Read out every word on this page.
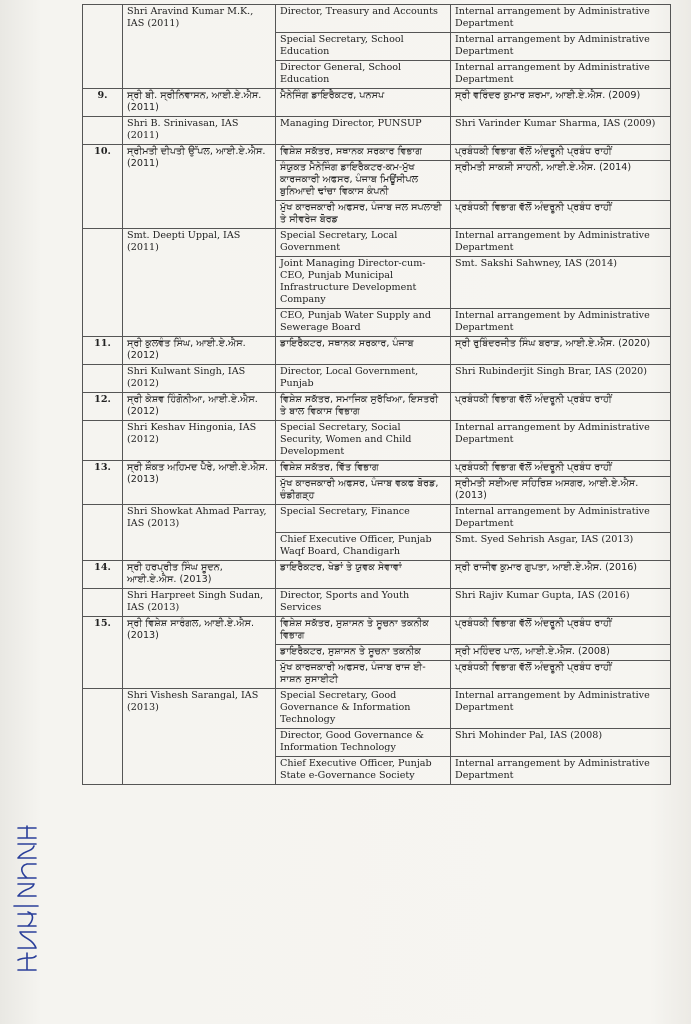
	Shri Aravind Kumar M.K., IAS (2011)	Director, Treasury and Accounts	Internal arrangement by Administrative Department
		Special Secretary, School Education	Internal arrangement by Administrative Department
		Director General, School Education	Internal arrangement by Administrative Department
9.	ਸ੍ਰੀ ਬੀ. ਸ੍ਰੀਨਿਵਾਸਨ, ਆਈ.ਏ.ਐਸ. (2011)	ਮੈਨੇਜਿੰਗ ਡਾਇਰੈਕਟਰ, ਪਨਸਪ	ਸ੍ਰੀ ਵਰਿੰਦਰ ਕੁਮਾਰ ਸ਼ਰਮਾ, ਆਈ.ਏ.ਐਸ. (2009)
	Shri B. Srinivasan, IAS (2011)	Managing Director, PUNSUP	Shri Varinder Kumar Sharma, IAS (2009)
10.	ਸ੍ਰੀਮਤੀ ਦੀਪਤੀ ਉੱਪਲ, ਆਈ.ਏ.ਐਸ. (2011)	ਵਿਸ਼ੇਸ਼ ਸਕੱਤਰ, ਸਥਾਨਕ ਸਰਕਾਰ ਵਿਭਾਗ	ਪ੍ਰਬੰਧਕੀ ਵਿਭਾਗ ਵੱਲੋਂ ਅੰਦਰੂਨੀ ਪ੍ਰਬੰਧ ਰਾਹੀਂ
		ਸੰਯੁਕਤ ਮੈਨੇਜਿੰਗ ਡਾਇਰੈਕਟਰ-ਕਮ-ਮੁੱਖ ਕਾਰਜਕਾਰੀ ਅਫਸਰ, ਪੰਜਾਬ ਮਿਊਂਸੀਪਲ ਬੁਨਿਆਦੀ ਢਾਂਚਾ ਵਿਕਾਸ ਕੰਪਨੀ	ਸ੍ਰੀਮਤੀ ਸਾਕਸ਼ੀ ਸਾਹਨੀ, ਆਈ.ਏ.ਐਸ. (2014)
		ਮੁੱਖ ਕਾਰਜਕਾਰੀ ਅਫਸਰ, ਪੰਜਾਬ ਜਲ ਸਪਲਾਈ ਤੇ ਸੀਵਰੇਜ ਬੋਰਡ	ਪ੍ਰਬੰਧਕੀ ਵਿਭਾਗ ਵੱਲੋਂ ਅੰਦਰੂਨੀ ਪ੍ਰਬੰਧ ਰਾਹੀਂ
	Smt. Deepti Uppal, IAS (2011)	Special Secretary, Local Government	Internal arrangement by Administrative Department
		Joint Managing Director-cum-CEO, Punjab Municipal Infrastructure Development Company	Smt. Sakshi Sahwney, IAS (2014)
		CEO, Punjab Water Supply and Sewerage Board	Internal arrangement by Administrative Department
11.	ਸ੍ਰੀ ਕੁਲਵੰਤ ਸਿੰਘ, ਆਈ.ਏ.ਐਸ. (2012)	ਡਾਇਰੈਕਟਰ, ਸਥਾਨਕ ਸਰਕਾਰ, ਪੰਜਾਬ	ਸ੍ਰੀ ਰੁਬਿੰਦਰਜੀਤ ਸਿੰਘ ਬਰਾੜ, ਆਈ.ਏ.ਐਸ. (2020)
	Shri Kulwant Singh, IAS (2012)	Director, Local Government, Punjab	Shri Rubinderjit Singh Brar, IAS (2020)
12.	ਸ੍ਰੀ ਕੇਸ਼ਵ ਹਿੰਗੋਨੀਆ, ਆਈ.ਏ.ਐਸ. (2012)	ਵਿਸ਼ੇਸ਼ ਸਕੱਤਰ, ਸਮਾਜਿਕ ਸੁਰੱਖਿਆ, ਇਸਤਰੀ ਤੇ ਬਾਲ ਵਿਕਾਸ ਵਿਭਾਗ	ਪ੍ਰਬੰਧਕੀ ਵਿਭਾਗ ਵੱਲੋਂ ਅੰਦਰੂਨੀ ਪ੍ਰਬੰਧ ਰਾਹੀਂ
	Shri Keshav Hingonia, IAS (2012)	Special Secretary, Social Security, Women and Child Development	Internal arrangement by Administrative Department
13.	ਸ੍ਰੀ ਸ਼ੌਕਤ ਅਹਿਮਦ ਪੈਰੇ, ਆਈ.ਏ.ਐਸ. (2013)	ਵਿਸ਼ੇਸ਼ ਸਕੱਤਰ, ਵਿੱਤ ਵਿਭਾਗ	ਪ੍ਰਬੰਧਕੀ ਵਿਭਾਗ ਵੱਲੋਂ ਅੰਦਰੂਨੀ ਪ੍ਰਬੰਧ ਰਾਹੀਂ
		ਮੁੱਖ ਕਾਰਜਕਾਰੀ ਅਫਸਰ, ਪੰਜਾਬ ਵਕਫ ਬੋਰਡ, ਚੰਡੀਗੜ੍ਹ	ਸ੍ਰੀਮਤੀ ਸਈਅਦ ਸਹਿਰਿਸ਼ ਅਸਗਰ, ਆਈ.ਏ.ਐਸ. (2013)
	Shri Showkat Ahmad Parray, IAS (2013)	Special Secretary, Finance	Internal arrangement by Administrative Department
		Chief Executive Officer, Punjab Waqf Board, Chandigarh	Smt. Syed Sehrish Asgar, IAS (2013)
14.	ਸ੍ਰੀ ਹਰਪ੍ਰੀਤ ਸਿੰਘ ਸੂਦਨ, ਆਈ.ਏ.ਐਸ. (2013)	ਡਾਇਰੈਕਟਰ, ਖੇਡਾਂ ਤੇ ਯੁਵਕ ਸੇਵਾਵਾਂ	ਸ੍ਰੀ ਰਾਜੀਵ ਕੁਮਾਰ ਗੁਪਤਾ, ਆਈ.ਏ.ਐਸ. (2016)
	Shri Harpreet Singh Sudan, IAS (2013)	Director, Sports and Youth Services	Shri Rajiv Kumar Gupta, IAS (2016)
15.	ਸ੍ਰੀ ਵਿਸ਼ੇਸ਼ ਸਾਰੰਗਲ, ਆਈ.ਏ.ਐਸ. (2013)	ਵਿਸ਼ੇਸ਼ ਸਕੱਤਰ, ਸੁਸ਼ਾਸਨ ਤੇ ਸੂਚਨਾ ਤਕਨੀਕ ਵਿਭਾਗ	ਪ੍ਰਬੰਧਕੀ ਵਿਭਾਗ ਵੱਲੋਂ ਅੰਦਰੂਨੀ ਪ੍ਰਬੰਧ ਰਾਹੀਂ
		ਡਾਇਰੈਕਟਰ, ਸੁਸ਼ਾਸਨ ਤੇ ਸੂਚਨਾ ਤਕਨੀਕ	ਸ੍ਰੀ ਮਹਿੰਦਰ ਪਾਲ, ਆਈ.ਏ.ਐਸ. (2008)
		ਮੁੱਖ ਕਾਰਜਕਾਰੀ ਅਫਸਰ, ਪੰਜਾਬ ਰਾਜ ਈ-ਸਾਸ਼ਨ ਸੁਸਾਈਟੀ	ਪ੍ਰਬੰਧਕੀ ਵਿਭਾਗ ਵੱਲੋਂ ਅੰਦਰੂਨੀ ਪ੍ਰਬੰਧ ਰਾਹੀਂ
	Shri Vishesh Sarangal, IAS (2013)	Special Secretary, Good Governance & Information Technology	Internal arrangement by Administrative Department
		Director, Good Governance & Information Technology	Shri Mohinder Pal, IAS (2008)
		Chief Executive Officer, Punjab State e-Governance Society	Internal arrangement by Administrative Department
